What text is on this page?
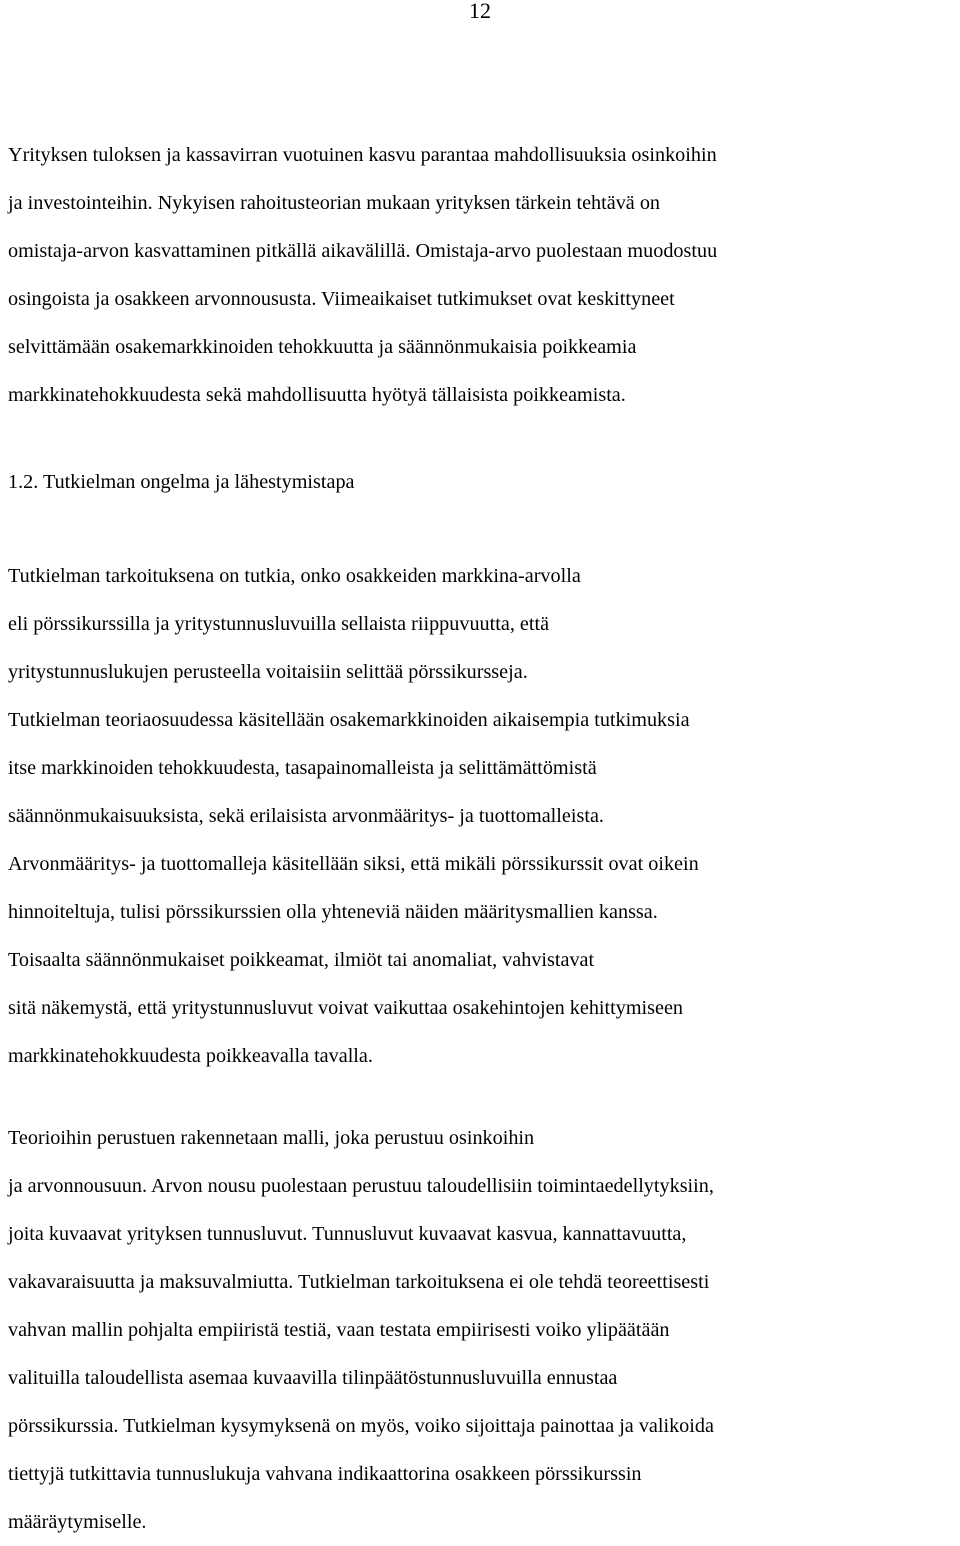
12
Yrityksen tuloksen ja kassavirran vuotuinen kasvu parantaa mahdollisuuksia osinkoihin
ja investointeihin. Nykyisen rahoitusteorian mukaan yrityksen tärkein tehtävä on
omistaja-arvon kasvattaminen pitkällä aikavälillä. Omistaja-arvo puolestaan muodostuu
osingoista ja osakkeen arvonnoususta. Viimeaikaiset tutkimukset ovat keskittyneet
selvittämään osakemarkkinoiden tehokkuutta ja säännönmukaisia poikkeamia
markkinatehokkuudesta sekä mahdollisuutta hyötyä tällaisista poikkeamista.
1.2. Tutkielman ongelma ja lähestymistapa
Tutkielman tarkoituksena on tutkia, onko osakkeiden markkina-arvolla
eli pörssikurssilla ja yritystunnusluvuilla sellaista riippuvuutta, että
yritystunnuslukujen perusteella voitaisiin selittää pörssikursseja.
Tutkielman teoriaosuudessa käsitellään osakemarkkinoiden aikaisempia tutkimuksia
itse markkinoiden tehokkuudesta, tasapainomalleista ja selittämättömistä
säännönmukaisuuksista, sekä erilaisista arvonmääritys- ja tuottomalleista.
Arvonmääritys- ja tuottomalleja käsitellään siksi, että mikäli pörssikurssit ovat oikein
hinnoiteltuja, tulisi pörssikurssien olla yhteneviä näiden määritysmallien kanssa.
Toisaalta säännönmukaiset poikkeamat, ilmiöt tai anomaliat, vahvistavat
sitä näkemystä, että yritystunnusluvut voivat vaikuttaa osakehintojen kehittymiseen
markkinatehokkuudesta poikkeavalla tavalla.
Teorioihin perustuen rakennetaan malli, joka perustuu osinkoihin
ja arvonnousuun. Arvon nousu puolestaan perustuu taloudellisiin toimintaedellytyksiin,
joita kuvaavat yrityksen tunnusluvut. Tunnusluvut kuvaavat kasvua, kannattavuutta,
vakavaraisuutta ja maksuvalmiutta. Tutkielman tarkoituksena ei ole tehdä teoreettisesti
vahvan mallin pohjalta empiiristä testiä, vaan testata empiirisesti voiko ylipäätään
valituilla taloudellista asemaa kuvaavilla tilinpäätöstunnusluvuilla ennustaa
pörssikurssia. Tutkielman kysymyksenä on myös, voiko sijoittaja painottaa ja valikoida
tiettyjä tutkittavia tunnuslukuja vahvana indikaattorina osakkeen pörssikurssin
määräytymiselle.
